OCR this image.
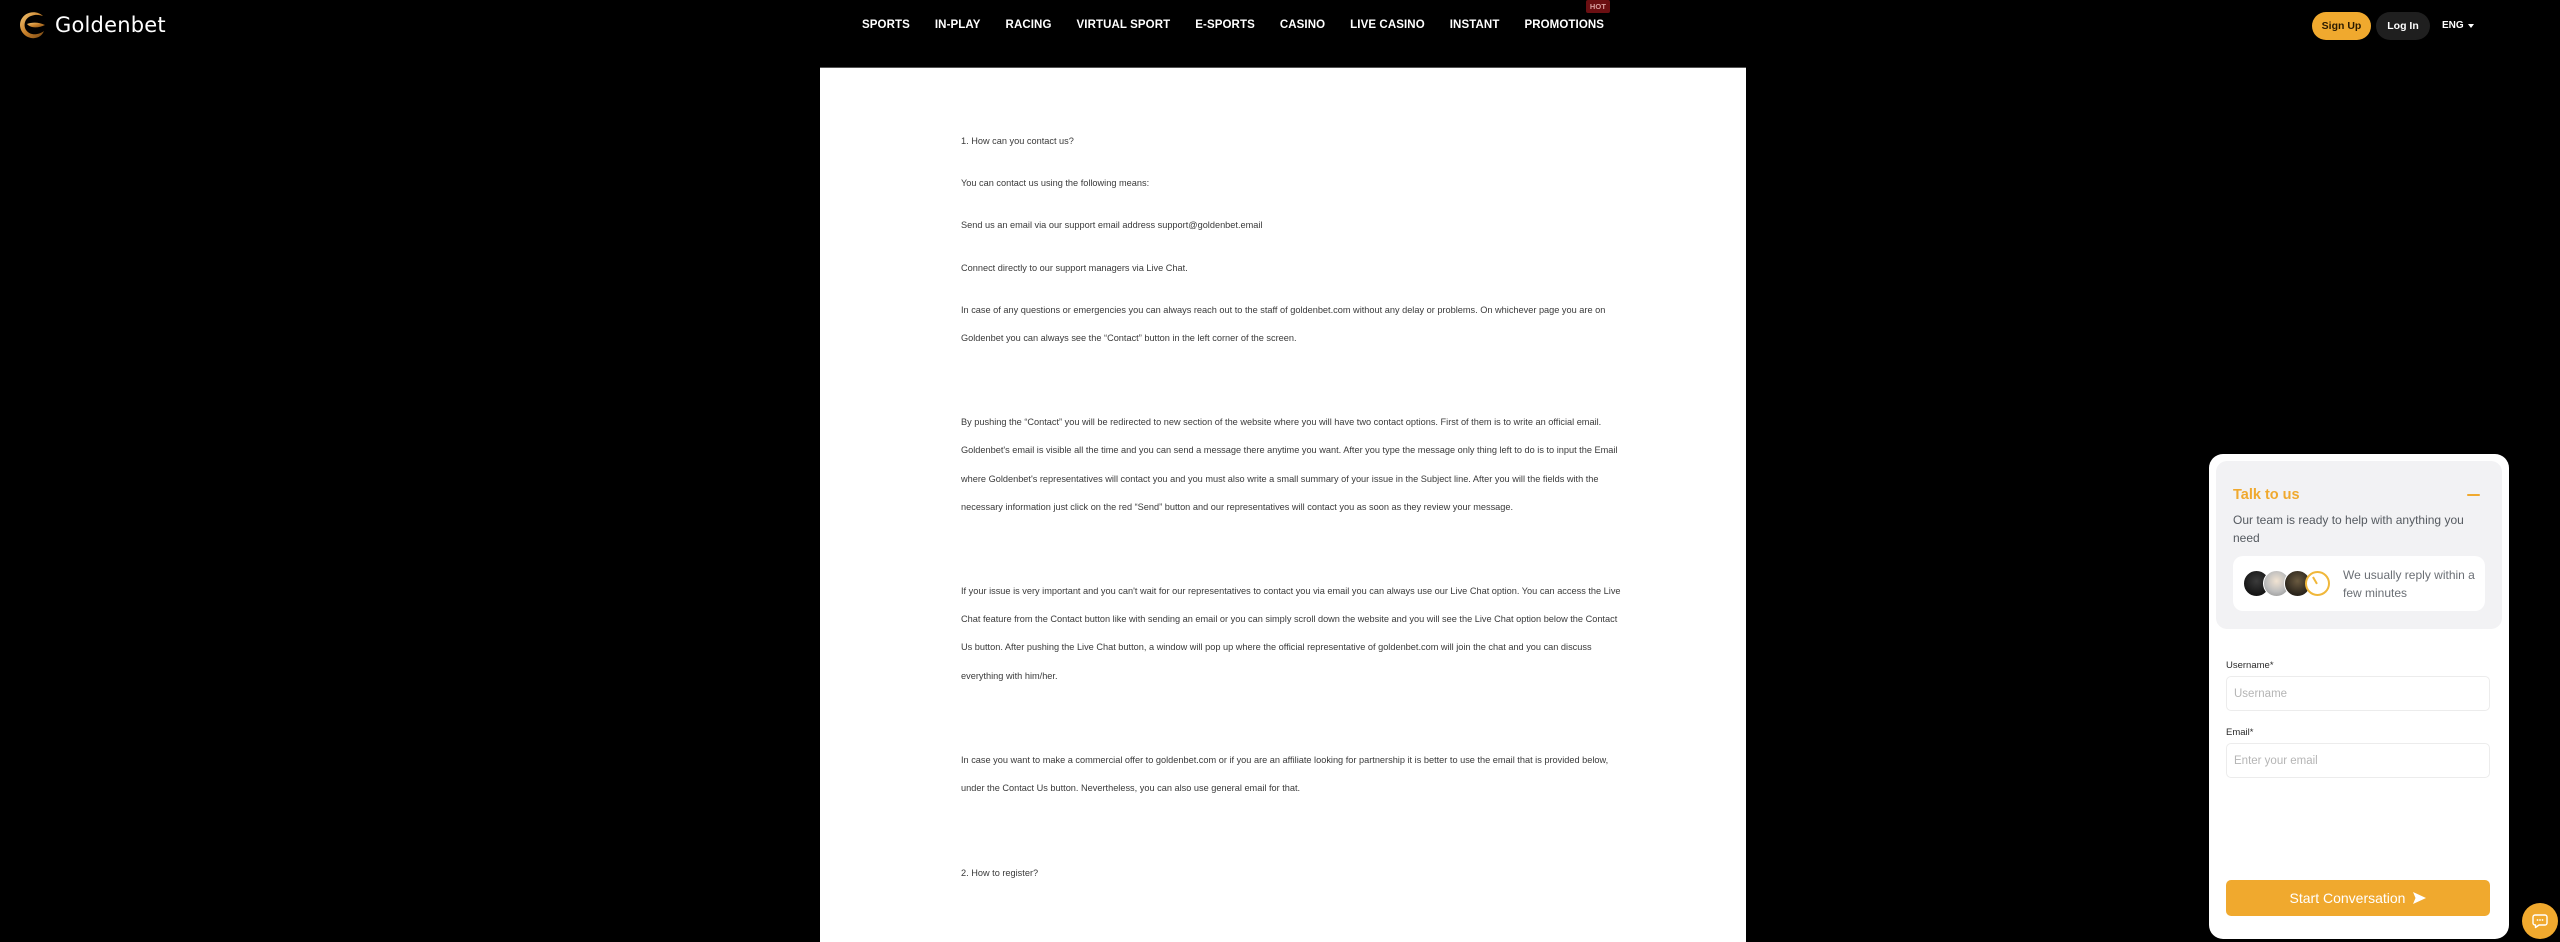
Goldenbet	SPORTS IN-PLAY RACING VIRTUAL SPORT E-SPORTS CASINO LIVE CASINO INSTANT PROMOTIONS
HOT
Sign Up	Log In	ENG

1. How can you contact us?

You can contact us using the following means:

Send us an email via our support email address support@goldenbet.email

Connect directly to our support managers via Live Chat.

In case of any questions or emergencies you can always reach out to the staff of goldenbet.com without any delay or problems. On whichever page you are on Goldenbet you can always see the “Contact” button in the left corner of the screen.

By pushing the “Contact” you will be redirected to new section of the website where you will have two contact options. First of them is to write an official email. Goldenbet's email is visible all the time and you can send a message there anytime you want. After you type the message only thing left to do is to input the Email where Goldenbet's representatives will contact you and you must also write a small summary of your issue in the Subject line. After you will the fields with the necessary information just click on the red “Send” button and our representatives will contact you as soon as they review your message.

If your issue is very important and you can't wait for our representatives to contact you via email you can always use our Live Chat option. You can access the Live Chat feature from the Contact button like with sending an email or you can simply scroll down the website and you will see the Live Chat option below the Contact Us button. After pushing the Live Chat button, a window will pop up where the official representative of goldenbet.com will join the chat and you can discuss everything with him/her.

In case you want to make a commercial offer to goldenbet.com or if you are an affiliate looking for partnership it is better to use the email that is provided below, under the Contact Us button. Nevertheless, you can also use general email for that.

2. How to register?

Talk to us
Our team is ready to help with anything you need
We usually reply within a few minutes
Username*
Username
Email*
Enter your email
Start Conversation
